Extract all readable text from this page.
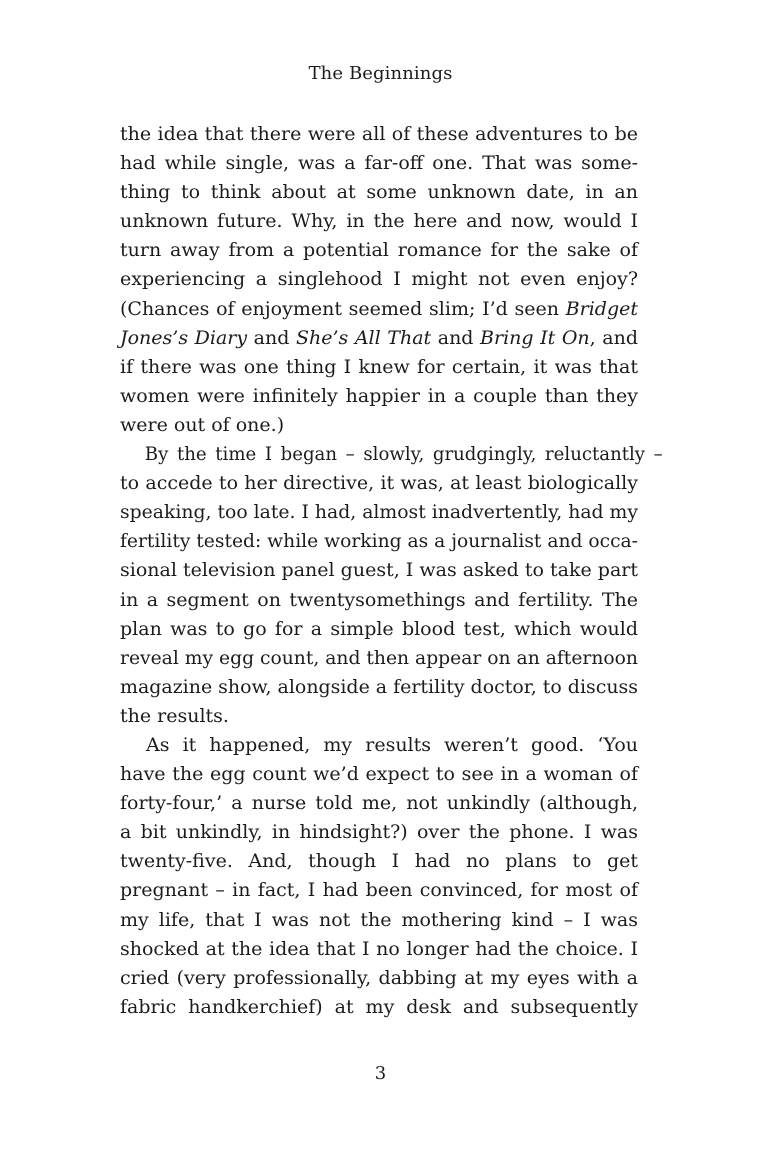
The Beginnings
the idea that there were all of these adventures to be
had while single, was a far-off one. That was some-
thing to think about at some unknown date, in an
unknown future. Why, in the here and now, would I
turn away from a potential romance for the sake of
experiencing a singlehood I might not even enjoy?
(Chances of enjoyment seemed slim; I’d seen Bridget
Jones’s Diary and She’s All That and Bring It On, and
if there was one thing I knew for certain, it was that
women were infinitely happier in a couple than they
were out of one.)
By the time I began – slowly, grudgingly, reluctantly –
to accede to her directive, it was, at least biologically
speaking, too late. I had, almost inadvertently, had my
fertility tested: while working as a journalist and occa-
sional television panel guest, I was asked to take part
in a segment on twentysomethings and fertility. The
plan was to go for a simple blood test, which would
reveal my egg count, and then appear on an afternoon
magazine show, alongside a fertility doctor, to discuss
the results.
As it happened, my results weren’t good. ‘You
have the egg count we’d expect to see in a woman of
forty-four,’ a nurse told me, not unkindly (although,
a bit unkindly, in hindsight?) over the phone. I was
twenty-five. And, though I had no plans to get
pregnant – in fact, I had been convinced, for most of
my life, that I was not the mothering kind – I was
shocked at the idea that I no longer had the choice. I
cried (very professionally, dabbing at my eyes with a
fabric handkerchief) at my desk and subsequently
3
